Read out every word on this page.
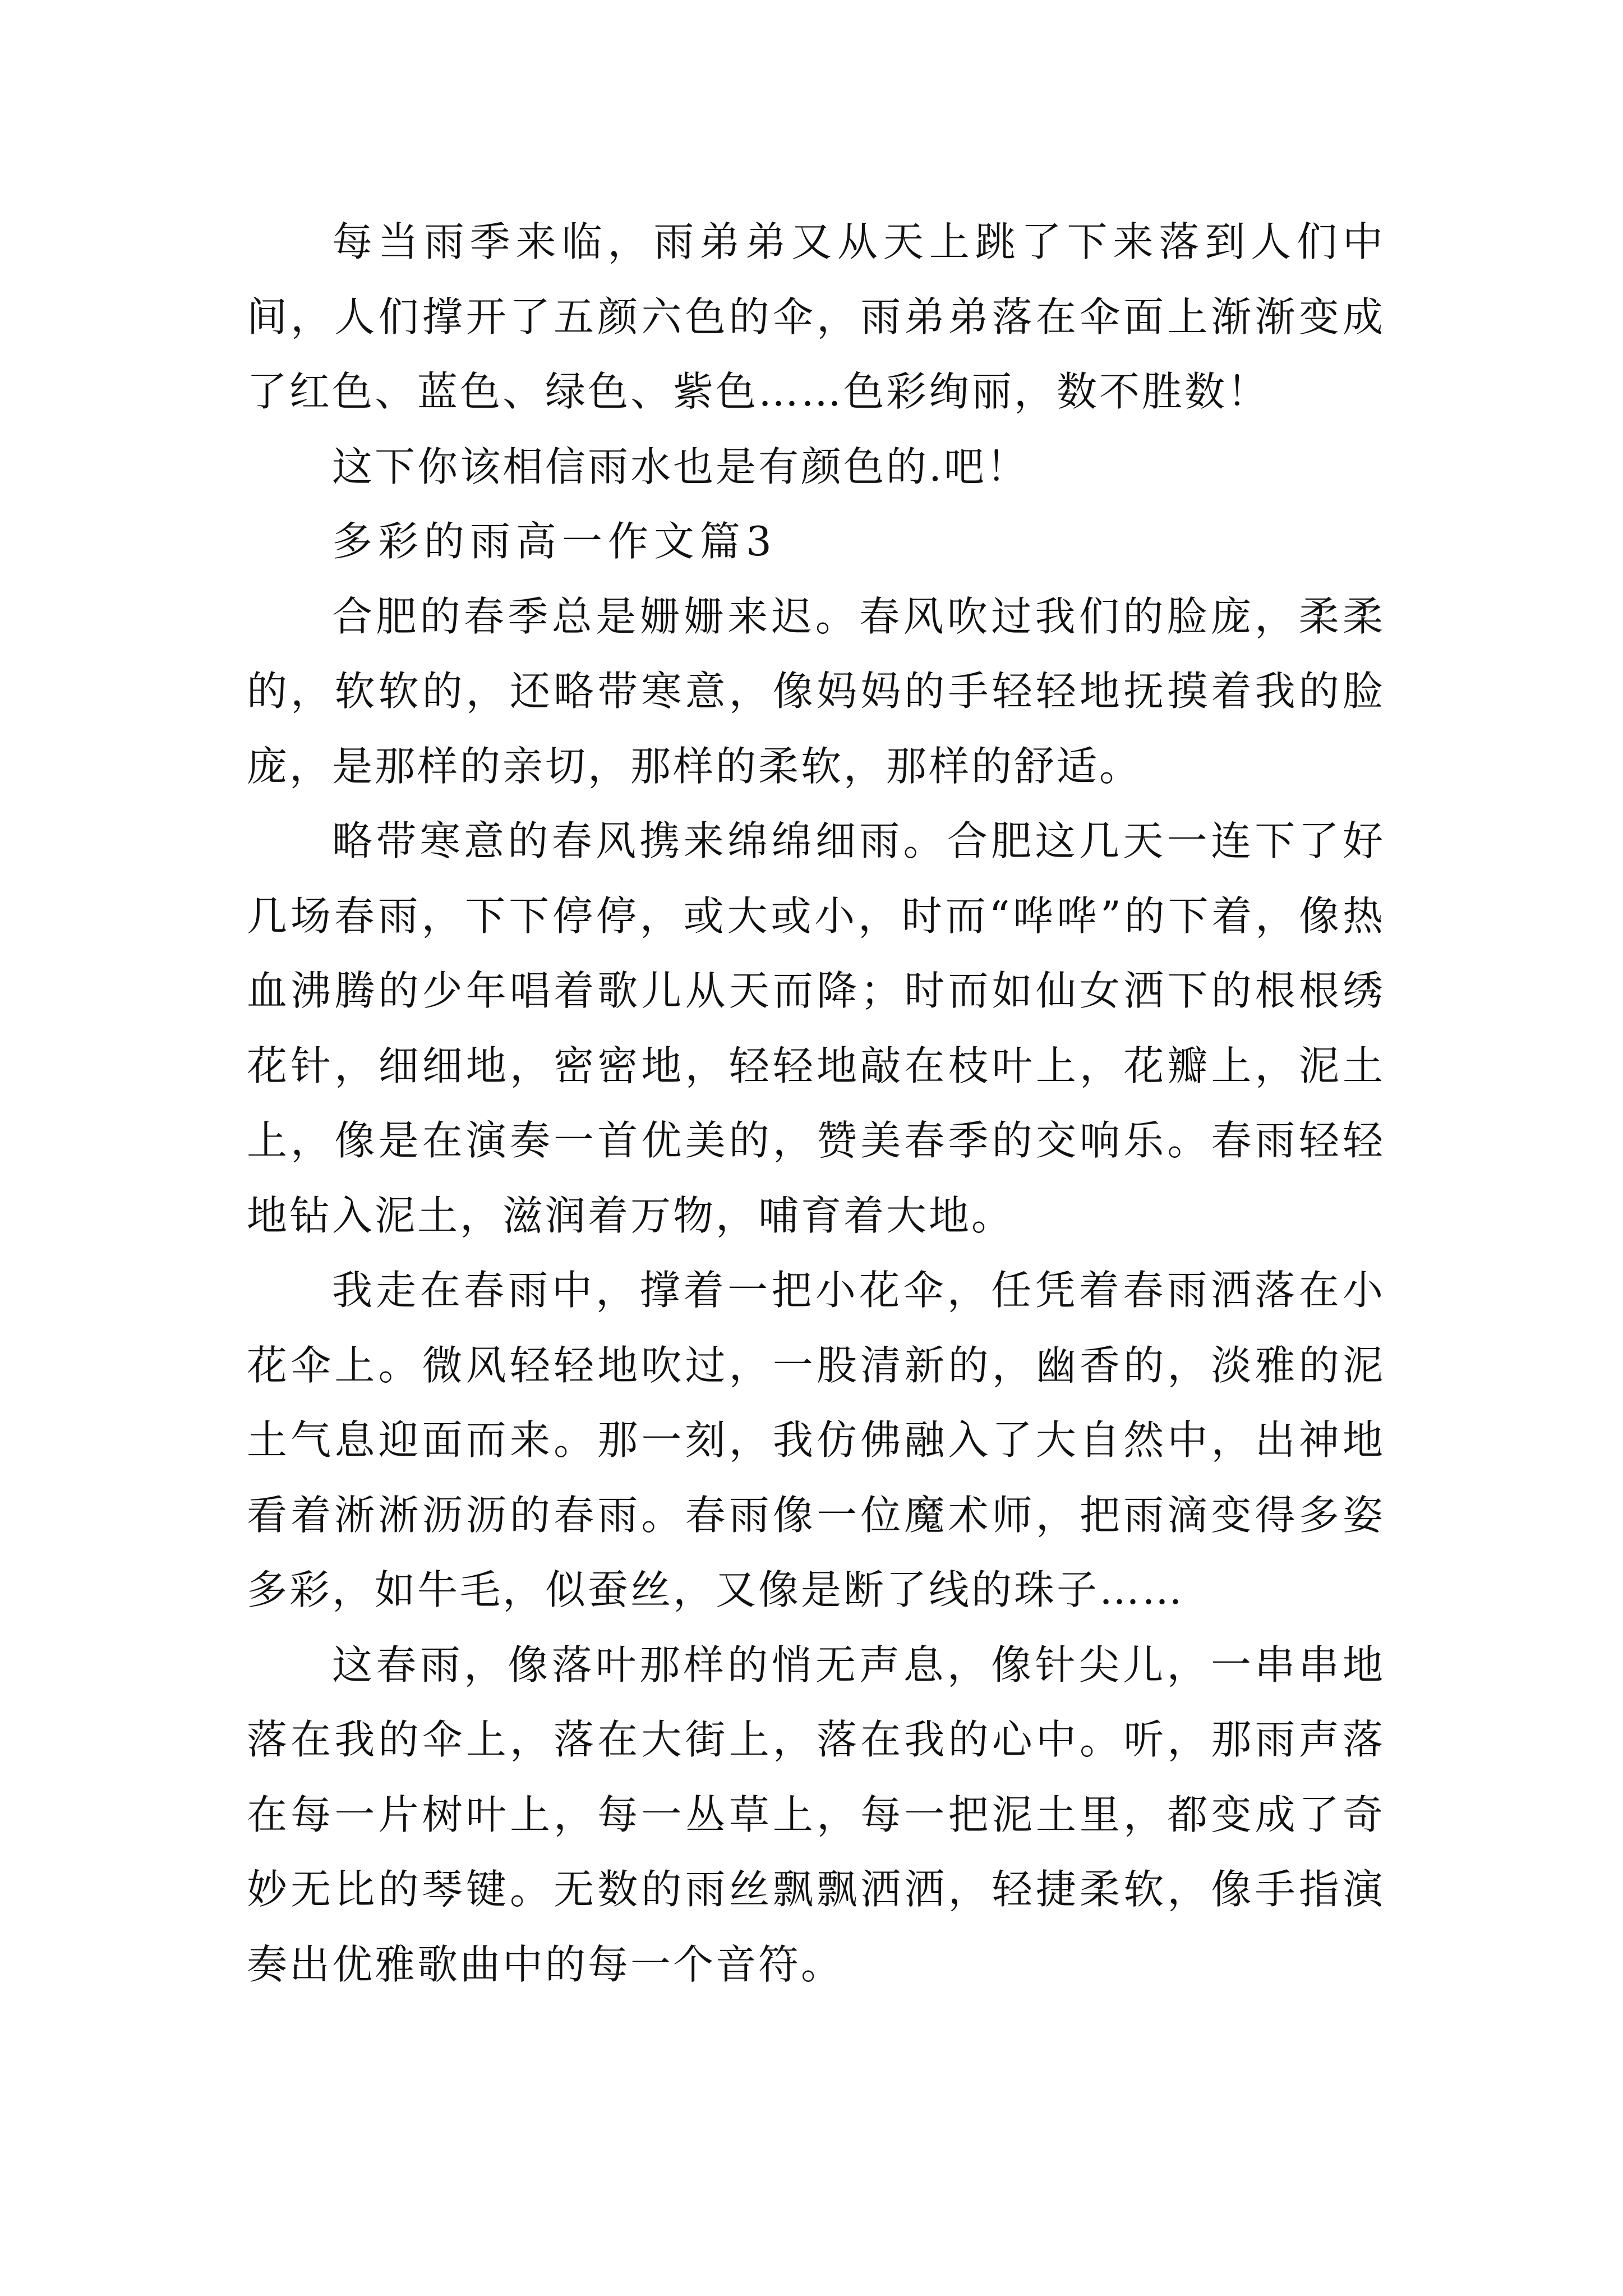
每当雨季来临，雨弟弟又从天上跳了下来落到人们中间，人们撑开了五颜六色的伞，雨弟弟落在伞面上渐渐变成了红色、蓝色、绿色、紫色……色彩绚丽，数不胜数！

这下你该相信雨水也是有颜色的.吧！

多彩的雨高一作文篇3

合肥的春季总是姗姗来迟。春风吹过我们的脸庞，柔柔的，软软的，还略带寒意，像妈妈的手轻轻地抚摸着我的脸庞，是那样的亲切，那样的柔软，那样的舒适。

略带寒意的春风携来绵绵细雨。合肥这几天一连下了好几场春雨，下下停停，或大或小，时而“哗哗”的下着，像热血沸腾的少年唱着歌儿从天而降；时而如仙女洒下的根根绣花针，细细地，密密地，轻轻地敲在枝叶上，花瓣上，泥土上，像是在演奏一首优美的，赞美春季的交响乐。春雨轻轻地钻入泥土，滋润着万物，哺育着大地。

我走在春雨中，撑着一把小花伞，任凭着春雨洒落在小花伞上。微风轻轻地吹过，一股清新的，幽香的，淡雅的泥土气息迎面而来。那一刻，我仿佛融入了大自然中，出神地看着淅淅沥沥的春雨。春雨像一位魔术师，把雨滴变得多姿多彩，如牛毛，似蚕丝，又像是断了线的珠子……

这春雨，像落叶那样的悄无声息，像针尖儿，一串串地落在我的伞上，落在大街上，落在我的心中。听，那雨声落在每一片树叶上，每一丛草上，每一把泥土里，都变成了奇妙无比的琴键。无数的雨丝飘飘洒洒，轻捷柔软，像手指演奏出优雅歌曲中的每一个音符。
